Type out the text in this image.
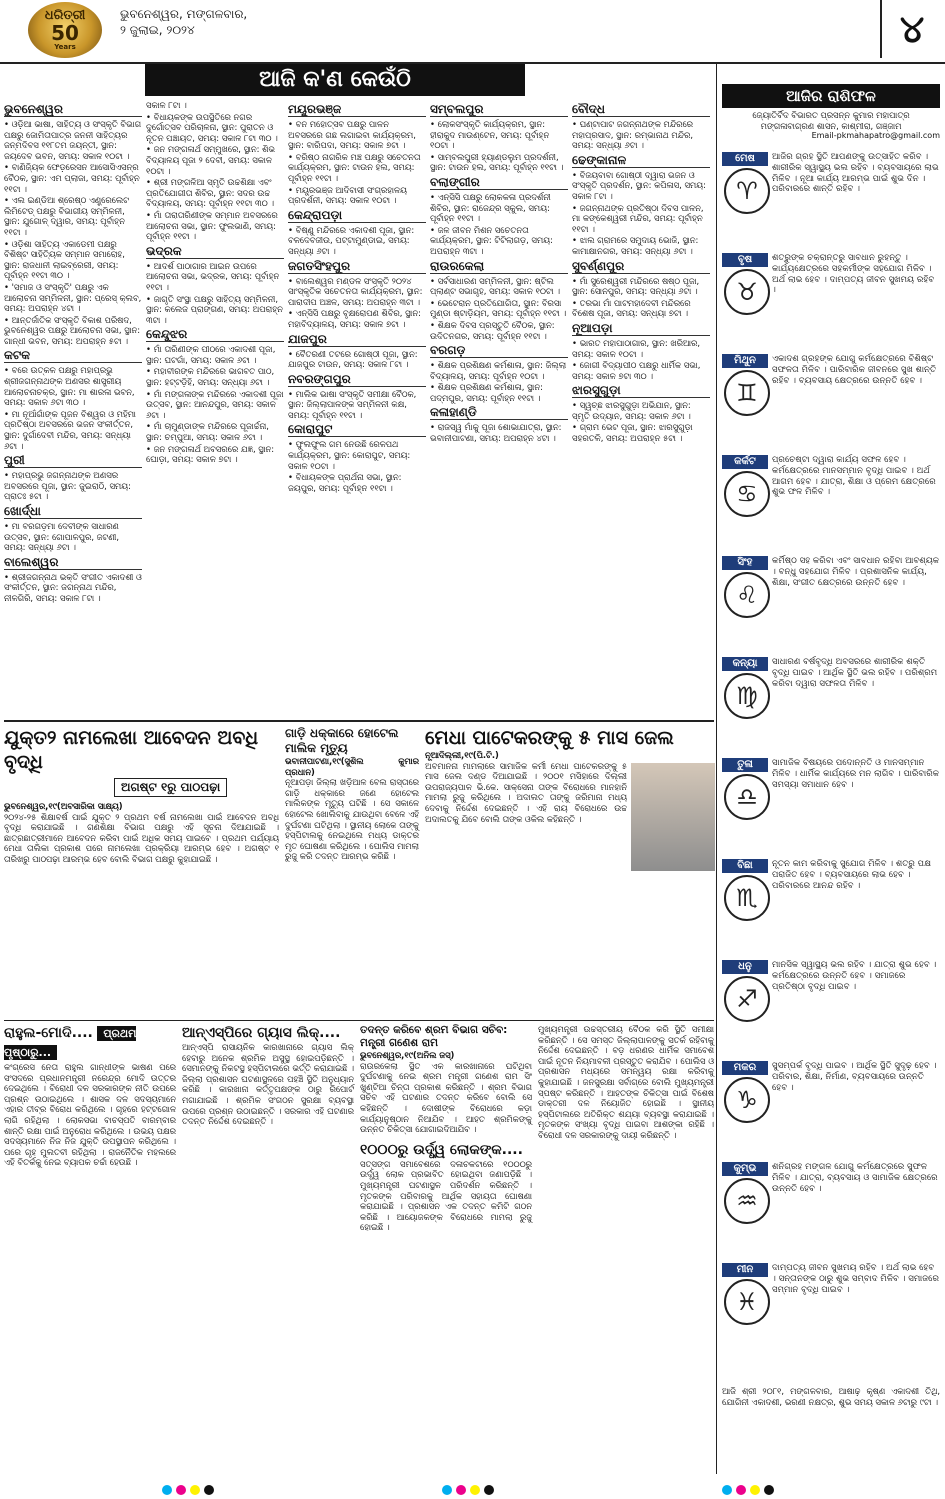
ଧରିତ୍ରୀ
50
Years
ଭୁବନେଶ୍ୱର, ମଙ୍ଗଳବାର,
୨ ଜୁଲାଇ, ୨୦୨୪	୪
ଆଜି କ'ଣ କେଉଁଠି
ଭୁବନେଶ୍ୱର
• ଓଡ଼ିଆ ଭାଷା, ସାହିତ୍ୟ ଓ ସଂସ୍କୃତି ବିଭାଗ ପକ୍ଷରୁ ଜୋମିତାପାତ୍ର ଜନନୀ ସାହିତ୍ୟର ଜନ୍ମଦିବସ ୧୧୮ତମ ଜୟନ୍ତୀ, ସ୍ଥାନ: ଜୟଦେବ ଭବନ, ସମୟ: ସକାଳ ୧୦ଟା ।
• ବାଣିଜ୍ୟିକ ଫେଡ଼ରେସନ ଆସୋସିଏସନ୍‌ର ବୈଠକ, ସ୍ଥାନ: ଏମ ପ୍ଲାଜା, ସମୟ: ପୂର୍ବାହ୍ନ ୧୧ଟା ।
• ଏଲ ଇଣ୍ଡିଆ ଶ୍ରେଷ୍ଠ ଏଣ୍ଟ୍ରେଲେଟ ଲିମିଟେଡ୍ ପକ୍ଷରୁ ବିଭାଗୀୟ ସମ୍ମିଳନୀ, ସ୍ଥାନ: ଯୁଗୋଳ୍‌ ଦ୍ୱାର, ସମୟ: ପୂର୍ବାହ୍ନ ୧୧ଟା ।
• ଓଡ଼ିଶା ସାହିତ୍ୟ ଏକାଡେମୀ ପକ୍ଷରୁ ବିଶିଷ୍ଟ ସାହିତ୍ୟିକ ସମ୍ମାନ ସମାରୋହ, ସ୍ଥାନ: ରାଜଧାନୀ ଲାଇବ୍ରେରୀ, ସମୟ: ପୂର୍ବାହ୍ନ ୧୧ଟା ୩୦ ।
• 'ସମାଜ ଓ ସଂସ୍କୃତି' ପକ୍ଷରୁ ଏକ ଆଲୋଚନା ସମ୍ମିଳନୀ, ସ୍ଥାନ: ପ୍ରେସ୍ କ୍ଲବ, ସମୟ: ଅପରାହ୍ନ ୪ଟା ।
• ଆନ୍ତର୍ଜାତିକ ସଂସ୍କୃତି ବିକାଶ ପରିଷଦ, ଭୁବନେଶ୍ୱର ପକ୍ଷରୁ ଆଲୋଚନା ସଭା, ସ୍ଥାନ: ଗାନ୍ଧୀ ଭବନ, ସମୟ: ଅପରାହ୍ନ ୫ଟା ।
କଟକ
• ବରେ ଉତ୍କଳ ପକ୍ଷରୁ ମହାପ୍ରଭୁ ଶ୍ରୀଜଗନ୍ନାଥଙ୍କ ଅଣସର ଶାସ୍ତ୍ରୀୟ ଆଲୋଚନାଚକ୍ର, ସ୍ଥାନ: ମା ଶାରଳା ଭବନ, ସମୟ: ସକାଳ ୬ଟା ୩୦ ।
• ମା ନୂଆଁଗାଁଙ୍କ ପୂଜନ ବିଶ୍ୱର ଓ ମହିମା ପ୍ରତିଷ୍ଠା ଅବସରରେ ଭଜନ ସଂକୀର୍ତ୍ତନ, ସ୍ଥାନ: ଦୁର୍ଗାଦେବୀ ମନ୍ଦିର, ସମୟ: ସନ୍ଧ୍ୟା ୬ଟା ।
ପୁରୀ
• ମହାପ୍ରଭୁ ଜଗନ୍ନାଥଙ୍କ ଅଣସର ଅବସରରେ ପୂଜା, ସ୍ଥାନ: ଜୁଇରାଠି, ସମୟ: ପ୍ରାତଃ ୫ଟା ।
ଖୋର୍ଦ୍ଧା
• ମା ବରଗଡ଼ମା ଦେବୀଙ୍କ ସାଧାରଣ ଉତ୍ସବ, ସ୍ଥାନ: ଗୋପାଳପୁର, ଜଟଣୀ, ସମୟ: ସନ୍ଧ୍ୟା ୬ଟା ।
ବାଲେଶ୍ୱର
• ଶ୍ରୀଜଗନ୍ନାଥ ଭକ୍ତି ସଂଗୀତ ଏକାଦଶୀ ଓ ସଂକୀର୍ତ୍ତନ, ସ୍ଥାନ: ଜଗନ୍ନାଥ ମନ୍ଦିର, ନୀଳଗିରି, ସମୟ: ସକାଳ ୮ଟା ।
ସକାଳ ୮ଟା ।
• ବିଧାୟକଙ୍କ ଉପସ୍ଥିତିରେ ନଗର ଦୁର୍ଗୋତ୍ସବ ପରିଚାଳନା, ସ୍ଥାନ: ପୁରାତନ ଓ ନୂତନ ପଞ୍ଚାୟତ, ସମୟ: ସକାଳ ୮ଟା ୩୦ ।
• ଜନ ମଙ୍ଗଳାର୍ଥ ସମ୍ମୁଖରେ, ସ୍ଥାନ: ଶିଭ ବିଦ୍ୟାଳୟ ପୂଜା ୨ ଦେବୀ, ସମୟ: ସକାଳ ୧୦ଟା ।
• ଶ୍ରୀ ମଙ୍ଗଳିଆ ସ୍ମୃତି ଉଚ୍ଚଶିକ୍ଷା ଏବଂ ପ୍ରତିଯୋଗୀତା ଶିବିର, ସ୍ଥାନ: ସଦର ଉଚ୍ଚ ବିଦ୍ୟାଳୟ, ସମୟ: ପୂର୍ବାହ୍ନ ୧୧ଟା ୩୦ ।
• ମାଁ ତାରାତାରିଣୀଙ୍କ ସମ୍ମାନ ଅବସରରେ ଆଲୋଚନା ସଭା, ସ୍ଥାନ: ଫୁଲଭାଣି, ସମୟ: ପୂର୍ବାହ୍ନ ୧୧ଟା ।
ଭଦ୍ରକ
• ଆଦର୍ଶ ପାଠାଗାର ଆଇନ ଉପରେ ଆଲୋଚନା ସଭା, ଭଦ୍ରକ, ସମୟ: ପୂର୍ବାହ୍ନ ୧୧ଟା ।
• ଜାଗୃତି ସଂସ୍ଥା ପକ୍ଷରୁ ସାହିତ୍ୟ ସମ୍ମିଳନୀ, ସ୍ଥାନ: କଲେଜ ପ୍ରାଙ୍ଗଣ, ସମୟ: ଅପରାହ୍ନ ୩ଟା ।
କେନ୍ଦୁଝର
• ମାଁ ତାରିଣୀଙ୍କ ପୀଠରେ ଏକାଦଶୀ ପୂଜା, ସ୍ଥାନ: ଘଟଗାଁ, ସମୟ: ସକାଳ ୬ଟା ।
• ମହାବୀରଙ୍କ ମନ୍ଦିରରେ ଭାଗବତ ପାଠ, ସ୍ଥାନ: ହଟ୍ଟଡ଼ିହି, ସମୟ: ସନ୍ଧ୍ୟା ୬ଟା ।
• ମାଁ ମଙ୍ଗଳାଙ୍କ ମନ୍ଦିରରେ ଏକାଦଶୀ ପୂଜା ଉତ୍ସବ, ସ୍ଥାନ: ଆନନ୍ଦପୁର, ସମୟ: ସକାଳ ୬ଟା ।
• ମାଁ ଚାମୁଣ୍ଡାଙ୍କ ମନ୍ଦିରରେ ପୂଜାର୍ଚ୍ଚନା, ସ୍ଥାନ: ଚମ୍ପୁଆ, ସମୟ: ସକାଳ ୬ଟା ।
• ଜନ ମଙ୍ଗଳାର୍ଥ ଅବସରରେ ଯଜ୍ଞ, ସ୍ଥାନ: ଘୋଡ଼ା, ସମୟ: ସକାଳ ୭ଟା ।
ମୟୂରଭଞ୍ଜ
• ବନ ମହୋତ୍ସବ ପକ୍ଷରୁ ପାଳନ ଅବସରରେ ଗଛ ଲଗାଇବା କାର୍ଯ୍ୟକ୍ରମ, ସ୍ଥାନ: ବାରିପଦା, ସମୟ: ସକାଳ ୭ଟା ।
• ବରିଷ୍ଠ ନାଗରିକ ମଞ୍ଚ ପକ୍ଷରୁ ସଚେତନତା କାର୍ଯ୍ୟକ୍ରମ, ସ୍ଥାନ: ଟାଉନ ହଲ, ସମୟ: ପୂର୍ବାହ୍ନ ୧୧ଟା ।
• ମୟୂରଭଞ୍ଜ ଆଦିବାସୀ ସଂଗ୍ରହାଳୟ ପ୍ରଦର୍ଶନୀ, ସମୟ: ସକାଳ ୧୦ଟା ।
କେନ୍ଦ୍ରାପଡ଼ା
• ବିଷ୍ଣୁ ମନ୍ଦିରରେ ଏକାଦଶୀ ପୂଜା, ସ୍ଥାନ: ବଳଦେବଜୀଉ, ପଟ୍ଟାମୁଣ୍ଡାଇ, ସମୟ: ସନ୍ଧ୍ୟା ୬ଟା ।
ଜଗତସିଂହପୁର
• ବାଲେଶ୍ୱର ମଣ୍ଡଳ ସଂସ୍କୃତି ୨୦୨୪ ସାଂସ୍କୃତିକ ସଚେତନତା କାର୍ଯ୍ୟକ୍ରମ, ସ୍ଥାନ: ପାରାଦୀପ ଅଞ୍ଚଳ, ସମୟ: ଅପରାହ୍ନ ୩ଟା ।
• ଏନ୍‌ସିସି ପକ୍ଷରୁ ବୃକ୍ଷରୋପଣ ଶିବିର, ସ୍ଥାନ: ମହାବିଦ୍ୟାଳୟ, ସମୟ: ସକାଳ ୭ଟା ।
ଯାଜପୁର
• ବୈତରଣୀ ତଟରେ ଗୋଷ୍ଠୀ ପୂଜା, ସ୍ଥାନ: ଯାଜପୁର ଟାଉନ, ସମୟ: ସକାଳ ୮ଟା ।
ନବରଙ୍ଗପୁର
• ମାଲିକ ଭାଷା ସଂସ୍କୃତି ସମୀକ୍ଷା ବୈଠକ, ସ୍ଥାନ: ଜିଲ୍ଲାପାଳଙ୍କ ସମ୍ମିଳନୀ କକ୍ଷ, ସମୟ: ପୂର୍ବାହ୍ନ ୧୧ଟା ।
କୋରାପୁଟ
• ଫୁଲଫୁଲ ଗମ ନେଉଛି ରେଳପଥ କାର୍ଯ୍ୟକ୍ରମ, ସ୍ଥାନ: କୋରାପୁଟ, ସମୟ: ସକାଳ ୧୦ଟା ।
• ବିଧାୟକଙ୍କ ପ୍ରାର୍ଥନା ସଭା, ସ୍ଥାନ: ଜୟପୁର, ସମୟ: ପୂର୍ବାହ୍ନ ୧୧ଟା ।
ସମ୍ବଲପୁର
• ଲୋକସଂସ୍କୃତି କାର୍ଯ୍ୟକ୍ରମ, ସ୍ଥାନ: ହୀରାକୁଦ ମାଉଣ୍ଟେନ, ସମୟ: ପୂର୍ବାହ୍ନ ୧୦ଟା ।
• ସାମ୍ବଲପୁରୀ ହ୍ୟାଣ୍ଡଲୁମ ପ୍ରଦର୍ଶନୀ, ସ୍ଥାନ: ଟାଉନ ହଲ, ସମୟ: ପୂର୍ବାହ୍ନ ୧୧ଟା ।
ବଲାଙ୍ଗୀର
• ଏନ୍‌ସିସି ପକ୍ଷରୁ ଲୋକକଳା ପ୍ରଦର୍ଶନୀ ଶିବିର, ସ୍ଥାନ: ରାଜେନ୍ଦ୍ର ସ୍କୁଲ, ସମୟ: ପୂର୍ବାହ୍ନ ୧୧ଟା ।
• ଜଳ ଜୀବନ ମିଶନ ସଚେତନତା କାର୍ଯ୍ୟକ୍ରମ, ସ୍ଥାନ: ଟିଟିଲାଗଡ଼, ସମୟ: ଅପରାହ୍ନ ୩ଟା ।
ରାଉରକେଲା
• ସର୍ବସାଧାରଣ ସମ୍ମିଳନୀ, ସ୍ଥାନ: ଷ୍ଟିଲ ପ୍ଲାଣ୍ଟ ସଭାଗୃହ, ସମୟ: ସକାଳ ୧୦ଟା ।
• ଭେଟେରାନ ପ୍ରତିଯୋଗିତା, ସ୍ଥାନ: ବିରସା ମୁଣ୍ଡା ଷ୍ଟାଡ଼ିୟମ, ସମୟ: ପୂର୍ବାହ୍ନ ୧୧ଟା ।
• ଶିକ୍ଷକ ଦିବସ ପ୍ରସ୍ତୁତି ବୈଠକ, ସ୍ଥାନ: ଉଦିତନଗର, ସମୟ: ପୂର୍ବାହ୍ନ ୧୧ଟା ।
ବରଗଡ଼
• ଶିକ୍ଷକ ପ୍ରଶିକ୍ଷଣ କର୍ମଶାଳା, ସ୍ଥାନ: ଜିଲ୍ଲା ବିଦ୍ୟାଳୟ, ସମୟ: ପୂର୍ବାହ୍ନ ୧୦ଟା ।
• ଶିକ୍ଷକ ପ୍ରଶିକ୍ଷଣ କର୍ମଶାଳା, ସ୍ଥାନ: ପଦ୍ମପୁର, ସମୟ: ପୂର୍ବାହ୍ନ ୧୧ଟା ।
କଳାହାଣ୍ଡି
• ରାଜସ୍ୱ ମାଁକୁ ପୂଜା ଶୋଭାଯାତ୍ରା, ସ୍ଥାନ: ଭବାନୀପାଟଣା, ସମୟ: ଅପରାହ୍ନ ୪ଟା ।
ବୌଦ୍ଧ
• ଘଣ୍ଟାପାଟ ଜଗନ୍ନାଥଙ୍କ ମନ୍ଦିରରେ ମହାପ୍ରସାଦ, ସ୍ଥାନ: ରମ୍ଭାନାଥ ମନ୍ଦିର, ସମୟ: ସନ୍ଧ୍ୟା ୬ଟା ।
ଢେଙ୍କାନାଳ
• ବିଜୟବାବା ଗୋଷ୍ଠୀ ଦ୍ୱାରା ଭଜନ ଓ ସଂସ୍କୃତି ପ୍ରଦର୍ଶନ, ସ୍ଥାନ: କପିଳାସ, ସମୟ: ସକାଳ ୮ଟା ।
• ଜଗନ୍ନାଥଙ୍କ ପ୍ରତିଷ୍ଠା ଦିବସ ପାଳନ, ମା କଙ୍କେଶ୍ୱରୀ ମନ୍ଦିର, ସମୟ: ପୂର୍ବାହ୍ନ ୧୧ଟା ।
• ଝାଲ ଗ୍ରାମରେ ସମୁଦାୟ ଭୋଜି, ସ୍ଥାନ: କାମାକ୍ଷାନଗର, ସମୟ: ସନ୍ଧ୍ୟା ୬ଟା ।
ସୁବର୍ଣ୍ଣପୁର
• ମାଁ ସୁରେଶ୍ୱରୀ ମନ୍ଦିରରେ ଷଷ୍ଠ ପୂଜା, ସ୍ଥାନ: ସୋନପୁର, ସମୟ: ସନ୍ଧ୍ୟା ୬ଟା ।
• ତରଭା ମାଁ ପାଟମହାଦେବୀ ମନ୍ଦିରରେ ବିଶେଷ ପୂଜା, ସମୟ: ସନ୍ଧ୍ୟା ୭ଟା ।
ନୂଆପଡ଼ା
• ଭାରତ ମହାପାଠାଗାର, ସ୍ଥାନ: ଖରିଆର, ସମୟ: ସକାଳ ୧୦ଟା ।
• ଜୋଗୀ ବିଦ୍ୟାପୀଠ ପକ୍ଷରୁ ଧାର୍ମିକ ସଭା, ସମୟ: ସକାଳ ୭ଟା ୩୦ ।
ଝାରସୁଗୁଡ଼ା
• ସ୍ୱଚ୍ଛ ଝାରସୁଗୁଡ଼ା ଅଭିଯାନ, ସ୍ଥାନ: ସ୍ମୃତି ଉଦ୍ୟାନ, ସମୟ: ସକାଳ ୬ଟା ।
• ଗ୍ରାମ ଭେଟ ପୂଜା, ସ୍ଥାନ: ଝାରସୁଗୁଡ଼ା ସହରତଳି, ସମୟ: ଅପରାହ୍ନ ୫ଟା ।
ଆଜିର ରାଶିଫଳ
ଜ୍ୟୋତିର୍ବିଦ ବିଭାରତ ପ୍ରସନ୍ନ କୁମାର ମହାପାତ୍ର
ମଙ୍ଗଳାବାଗ୍ରଣ ଶାସନ, କାଶ୍ମୀରା, ଗଞ୍ଜାମ
Email-pkmahapatro@gmail.com
ମେଷ
♈
ଆଜିର ଗ୍ରହ ସ୍ଥିତି ଆପଣଙ୍କୁ ଉତ୍ସାହିତ କରିବ । ଶାରୀରିକ ସ୍ୱାସ୍ଥ୍ୟ ଭଲ ରହିବ । ବ୍ୟବସାୟରେ ଲାଭ ମିଳିବ । ନୂଆ କାର୍ଯ୍ୟ ଆରମ୍ଭ ପାଇଁ ଶୁଭ ଦିନ । ପରିବାରରେ ଶାନ୍ତି ରହିବ ।
ବୃଷ
♉
ଶତ୍ରୁଙ୍କ ଚକ୍ରାନ୍ତରୁ ସାବଧାନ ରୁହନ୍ତୁ । କାର୍ଯ୍ୟକ୍ଷେତ୍ରରେ ସହକର୍ମୀଙ୍କ ସହଯୋଗ ମିଳିବ । ଅର୍ଥ ଲାଭ ହେବ । ଦାମ୍ପତ୍ୟ ଜୀବନ ସୁଖମୟ ରହିବ ।
ମିଥୁନ
♊
ଏକାଦଶ ଗ୍ରହଙ୍କ ଯୋଗୁ କର୍ମକ୍ଷେତ୍ରରେ ବିଶିଷ୍ଟ ସଫଳତା ମିଳିବ । ପାରିବାରିକ ଜୀବନରେ ସୁଖ ଶାନ୍ତି ରହିବ । ବ୍ୟବସାୟ କ୍ଷେତ୍ରରେ ଉନ୍ନତି ହେବ ।
କର୍କଟ
♋
ପ୍ରଚେଷ୍ଟା ଦ୍ୱାରା କାର୍ଯ୍ୟ ସଫଳ ହେବ । କର୍ମକ୍ଷେତ୍ରରେ ମାନସମ୍ମାନ ବୃଦ୍ଧି ପାଇବ । ଅର୍ଥ ଆଗମ ହେବ । ଯାତ୍ରା, ଶିକ୍ଷା ଓ ପ୍ରେମ କ୍ଷେତ୍ରରେ ଶୁଭ ଫଳ ମିଳିବ ।
ସିଂହ
♌
କର୍ମିଷ୍ଠ ସହ କରିବା ଏବଂ ସାବଧାନ ରହିବା ଆବଶ୍ୟକ । ବନ୍ଧୁ ସହଯୋଗ ମିଳିବ । ପ୍ରଶାସନିକ କାର୍ଯ୍ୟ, ଶିକ୍ଷା, ସଂଗୀତ କ୍ଷେତ୍ରରେ ଉନ୍ନତି ହେବ ।
କନ୍ୟା
♍
ସାଧାରଣ ବର୍ଷବୃଦ୍ଧି ଅବସରରେ ଶାରୀରିକ ଶକ୍ତି ବୃଦ୍ଧି ପାଇବ । ଆର୍ଥିକ ସ୍ଥିତି ଭଲ ରହିବ । ପରିଶ୍ରମ କରିବା ଦ୍ୱାରା ସଫଳତା ମିଳିବ ।
ତୁଳା
♎
ସାମାଜିକ ବିଷୟରେ ପଦୋନ୍ନତି ଓ ମାନସମ୍ମାନ ମିଳିବ । ଧାର୍ମିକ କାର୍ଯ୍ୟରେ ମନ ଲାଗିବ । ପାରିବାରିକ ସମସ୍ୟା ସମାଧାନ ହେବ ।
ବିଛା
♏
ନୂତନ କାମ କରିବାକୁ ସୁଯୋଗ ମିଳିବ । ଶତ୍ରୁ ପକ୍ଷ ପରାଜିତ ହେବ । ବ୍ୟବସାୟରେ ଲାଭ ହେବ । ପରିବାରରେ ଆନନ୍ଦ ରହିବ ।
ଧନୁ
♐
ମାନସିକ ସ୍ୱାସ୍ଥ୍ୟ ଭଲ ରହିବ । ଯାତ୍ରା ଶୁଭ ହେବ । କର୍ମକ୍ଷେତ୍ରରେ ଉନ୍ନତି ହେବ । ସମାଜରେ ପ୍ରତିଷ୍ଠା ବୃଦ୍ଧି ପାଇବ ।
ମକର
♑
ସୁସମ୍ପର୍କ ବୃଦ୍ଧି ପାଇବ । ଆର୍ଥିକ ସ୍ଥିତି ସୁଦୃଢ଼ ହେବ । ପରିବାର, ଶିକ୍ଷା, ନିର୍ମାଣ, ବ୍ୟବସାୟରେ ଉନ୍ନତି ହେବ ।
କୁମ୍ଭ
♒
ଶନିଗ୍ରହ ମଙ୍ଗଳ ଯୋଗୁ କର୍ମକ୍ଷେତ୍ରରେ ସୁଫଳ ମିଳିବ । ଯାତ୍ରା, ବ୍ୟବସାୟ ଓ ସାମାଜିକ କ୍ଷେତ୍ରରେ ଉନ୍ନତି ହେବ ।
ମୀନ
♓
ଦାମ୍ପତ୍ୟ ଜୀବନ ସୁଖମୟ ରହିବ । ଅର୍ଥ ଲାଭ ହେବ । ସନ୍ତାନଙ୍କ ଠାରୁ ଶୁଭ ସମ୍ବାଦ ମିଳିବ । ସମାଜରେ ସମ୍ମାନ ବୃଦ୍ଧି ପାଇବ ।
ଆଜି ଶ୍ରୀ ୨୦୮୧, ମଙ୍ଗଳବାର, ଆଷାଢ଼ କୃଷ୍ଣ ଏକାଦଶୀ ତିଥି, ଯୋଗିନୀ ଏକାଦଶୀ, ଭରଣୀ ନକ୍ଷତ୍ର, ଶୁଭ ସମୟ ସକାଳ ୬ଟାରୁ ୯ଟା ।
ଯୁକ୍ତ୨ ନାମଲେଖା ଆବେଦନ ଅବଧି ବୃଦ୍ଧି
ଅଗଷ୍ଟ ୧ରୁ ପାଠପଢ଼ା
ଭୁବନେଶ୍ୱର,୧୯(ଅବସାରିକା ସାକ୍ଷ୍ୟ)
୨୦୨୪-୨୫ ଶିକ୍ଷାବର୍ଷ ପାଇଁ ଯୁକ୍ତ ୨ ପ୍ରଥମ ବର୍ଷ ନାମଲେଖା ପାଇଁ ଆବେଦନ ଅବଧି ବୃଦ୍ଧି କରାଯାଇଛି । ଗଣଶିକ୍ଷା ବିଭାଗ ପକ୍ଷରୁ ଏହି ସୂଚନା ଦିଆଯାଇଛି । ଛାତ୍ରଛାତ୍ରୀମାନେ ଆବେଦନ କରିବା ପାଇଁ ଅଧିକ ସମୟ ପାଇବେ । ପ୍ରଥମ ପର୍ଯ୍ୟାୟ ମେଧା ତାଲିକା ପ୍ରକାଶ ପରେ ନାମଲେଖା ପ୍ରକ୍ରିୟା ଆରମ୍ଭ ହେବ । ଅଗଷ୍ଟ ୧ ତାରିଖରୁ ପାଠପଢ଼ା ଆରମ୍ଭ ହେବ ବୋଲି ବିଭାଗ ପକ୍ଷରୁ କୁହାଯାଇଛି ।
ଗାଡ଼ି ଧକ୍କାରେ ହୋଟେଲ ମାଲିକ ମୃତ୍ୟୁ
ଭବାନୀପାଟଣା,୧୯(ସୁଶିଲ କୁମାର ପ୍ରଧାନ)
ନୂଆପଡ଼ା ଜିଲ୍ଲା ଖଡ଼ିଆଳ ବେଲ ରାସ୍ତାରେ ଗାଡ଼ି ଧକ୍କାରେ ଜଣେ ହୋଟେଲ ମାଲିକଙ୍କ ମୃତ୍ୟୁ ଘଟିଛି । ସେ ସକାଳେ ହୋଟେଲ ଖୋଲିବାକୁ ଯାଉଥିବା ବେଳେ ଏହି ଦୁର୍ଘଟଣା ଘଟିଥିଲା । ସ୍ଥାନୀୟ ଲୋକେ ତାଙ୍କୁ ହସ୍ପିଟାଲକୁ ନେଇଥିଲେ ମଧ୍ୟ ଡାକ୍ତର ମୃତ ଘୋଷଣା କରିଥିଲେ । ପୋଲିସ ମାମଲା ରୁଜୁ କରି ତଦନ୍ତ ଆରମ୍ଭ କରିଛି ।
ମେଧା ପାଟେକରଙ୍କୁ ୫ ମାସ ଜେଲ
ନୂଆଦିଲ୍ଲୀ,୧୯(ପି.ଟି.)
ଅବମାନନା ମାମଲାରେ ସାମାଜିକ କର୍ମୀ ମେଧା ପାଟେକରଙ୍କୁ ୫ ମାସ ଜେଲ ଦଣ୍ଡ ଦିଆଯାଇଛି । ୨୦୦୧ ମସିହାରେ ଦିଲ୍ଲୀ ଉପରାଜ୍ୟପାଳ ଭି.କେ. ସାକ୍ସେନା ତାଙ୍କ ବିରୋଧରେ ମାନହାନି ମାମଲା ରୁଜୁ କରିଥିଲେ । ଅଦାଲତ ତାଙ୍କୁ ଜରିମାନା ମଧ୍ୟ ଦେବାକୁ ନିର୍ଦ୍ଦେଶ ଦେଇଛନ୍ତି । ଏହି ରାୟ ବିରୋଧରେ ଉଚ୍ଚ ଅଦାଲତକୁ ଯିବେ ବୋଲି ତାଙ୍କ ଓକିଲ କହିଛନ୍ତି ।
ରାହୁଲ-ମୋଦି.... ପ୍ରଥମ ପୃଷ୍ଠାରୁ...
କଂଗ୍ରେସ ନେତା ରାହୁଲ ଗାନ୍ଧୀଙ୍କ ଭାଷଣ ପରେ ସଂସଦରେ ପ୍ରଧାନମନ୍ତ୍ରୀ ନରେନ୍ଦ୍ର ମୋଦି ଉତ୍ତର ଦେଇଥିଲେ । ବିରୋଧୀ ଦଳ ସରକାରଙ୍କ ନୀତି ଉପରେ ପ୍ରଶ୍ନ ଉଠାଇଥିଲେ । ଶାସକ ଦଳ ସଦସ୍ୟମାନେ ଏହାର ତୀବ୍ର ବିରୋଧ କରିଥିଲେ । ଗୃହରେ ହଟ୍ଟଗୋଳ ଲାଗି ରହିଥିଲା । ଲୋକସଭା ବାଚସ୍ପତି ବାରମ୍ବାର ଶାନ୍ତି ରକ୍ଷା ପାଇଁ ଅନୁରୋଧ କରିଥିଲେ । ଉଭୟ ପକ୍ଷର ସଦସ୍ୟମାନେ ନିଜ ନିଜ ଯୁକ୍ତି ଉପସ୍ଥାପନ କରିଥିଲେ । ପରେ ଗୃହ ମୁଲତବୀ ରହିଥିଲା । ରାଜନୈତିକ ମହଲରେ ଏହି ବିତର୍କକୁ ନେଇ ବ୍ୟାପକ ଚର୍ଚ୍ଚା ହେଉଛି ।
ଆନ୍‌ଏସ୍‌ପିରେ ଗ୍ୟାସ ଲିକ୍....
ଆନ୍‌ଏସ୍‌ପି ରାସାୟନିକ କାରଖାନାରେ ଗ୍ୟାସ ଲିକ୍ ହେବାରୁ ଅନେକ ଶ୍ରମିକ ଅସୁସ୍ଥ ହୋଇପଡ଼ିଛନ୍ତି । ସେମାନଙ୍କୁ ନିକଟସ୍ଥ ହସ୍ପିଟାଲରେ ଭର୍ତ୍ତି କରାଯାଇଛି । ଜିଲ୍ଲା ପ୍ରଶାସନ ଘଟଣାସ୍ଥଳରେ ପହଞ୍ଚି ସ୍ଥିତି ଅନୁଧ୍ୟାନ କରିଛି । କାରଖାନା କର୍ତ୍ତୃପକ୍ଷଙ୍କ ଠାରୁ ରିପୋର୍ଟ ମଗାଯାଇଛି । ଶ୍ରମିକ ସଂଗଠନ ସୁରକ୍ଷା ବ୍ୟବସ୍ଥା ଉପରେ ପ୍ରଶ୍ନ ଉଠାଇଛନ୍ତି । ସରକାର ଏହି ଘଟଣାର ତଦନ୍ତ ନିର୍ଦ୍ଦେଶ ଦେଇଛନ୍ତି ।
ତଦନ୍ତ କରିବେ ଶ୍ରମ ବିଭାଗ ସଚିବ: ମନ୍ତ୍ରୀ ଗଣେଶ ରାମ
ଭୁବନେଶ୍ୱର,୧୯(ଅନିଲ ଜସ୍)
ରାଉରକେଲା ସ୍ଥିତ ଏକ କାରଖାନାରେ ଘଟିଥିବା ଦୁର୍ଘଟଣାକୁ ନେଇ ଶ୍ରମ ମନ୍ତ୍ରୀ ଗଣେଶ ରାମ ସିଂ ଖୁଣ୍ଟିଆ ଚିନ୍ତା ପ୍ରକାଶ କରିଛନ୍ତି । ଶ୍ରମ ବିଭାଗ ସଚିବ ଏହି ଘଟଣାର ତଦନ୍ତ କରିବେ ବୋଲି ସେ କହିଛନ୍ତି । ଦୋଷୀଙ୍କ ବିରୋଧରେ କଡ଼ା କାର୍ଯ୍ୟାନୁଷ୍ଠାନ ନିଆଯିବ । ଆହତ ଶ୍ରମିକଙ୍କୁ ଉନ୍ନତ ଚିକିତ୍ସା ଯୋଗାଇଦିଆଯିବ ।
୧୦୦୦ରୁ ଉର୍ଦ୍ଧ୍ୱ ଲୋକଙ୍କ....
ସତ୍ସଙ୍ଗ ସମାବେଶରେ ଦଳାଚକଟାରେ ୧୦୦୦ରୁ ଉର୍ଦ୍ଧ୍ୱ ଲୋକ ପ୍ରଭାବିତ ହୋଇଥିବା ଜଣାପଡ଼ିଛି । ମୁଖ୍ୟମନ୍ତ୍ରୀ ଘଟଣାସ୍ଥଳ ପରିଦର୍ଶନ କରିଛନ୍ତି । ମୃତକଙ୍କ ପରିବାରକୁ ଆର୍ଥିକ ସହାୟତା ଘୋଷଣା କରାଯାଇଛି । ପ୍ରଶାସନ ଏକ ତଦନ୍ତ କମିଟି ଗଠନ କରିଛି । ଆୟୋଜକଙ୍କ ବିରୋଧରେ ମାମଲା ରୁଜୁ ହୋଇଛି ।
ମୁଖ୍ୟମନ୍ତ୍ରୀ ଉଚ୍ଚସ୍ତରୀୟ ବୈଠକ କରି ସ୍ଥିତି ସମୀକ୍ଷା କରିଛନ୍ତି । ସେ ସମସ୍ତ ଜିଲ୍ଲାପାଳଙ୍କୁ ସତର୍କ ରହିବାକୁ ନିର୍ଦ୍ଦେଶ ଦେଇଛନ୍ତି । ବଡ଼ ଧରଣର ଧାର୍ମିକ ସମାବେଶ ପାଇଁ ନୂତନ ନିୟମାବଳୀ ପ୍ରସ୍ତୁତ କରାଯିବ । ପୋଲିସ ଓ ପ୍ରଶାସନ ମଧ୍ୟରେ ସମନ୍ୱୟ ରକ୍ଷା କରିବାକୁ କୁହାଯାଇଛି । ଜନସୁରକ୍ଷା ସର୍ବାଗ୍ରେ ବୋଲି ମୁଖ୍ୟମନ୍ତ୍ରୀ ସ୍ପଷ୍ଟ କରିଛନ୍ତି । ଆହତଙ୍କ ଚିକିତ୍ସା ପାଇଁ ବିଶେଷ ଡାକ୍ତରୀ ଦଳ ନିୟୋଜିତ ହୋଇଛି । ସ୍ଥାନୀୟ ହସ୍ପିଟାଲରେ ଅତିରିକ୍ତ ଶଯ୍ୟା ବ୍ୟବସ୍ଥା କରାଯାଇଛି । ମୃତକଙ୍କ ସଂଖ୍ୟା ବୃଦ୍ଧି ପାଇବା ଆଶଙ୍କା ରହିଛି । ବିରୋଧୀ ଦଳ ସରକାରଙ୍କୁ ଦାୟୀ କରିଛନ୍ତି ।
